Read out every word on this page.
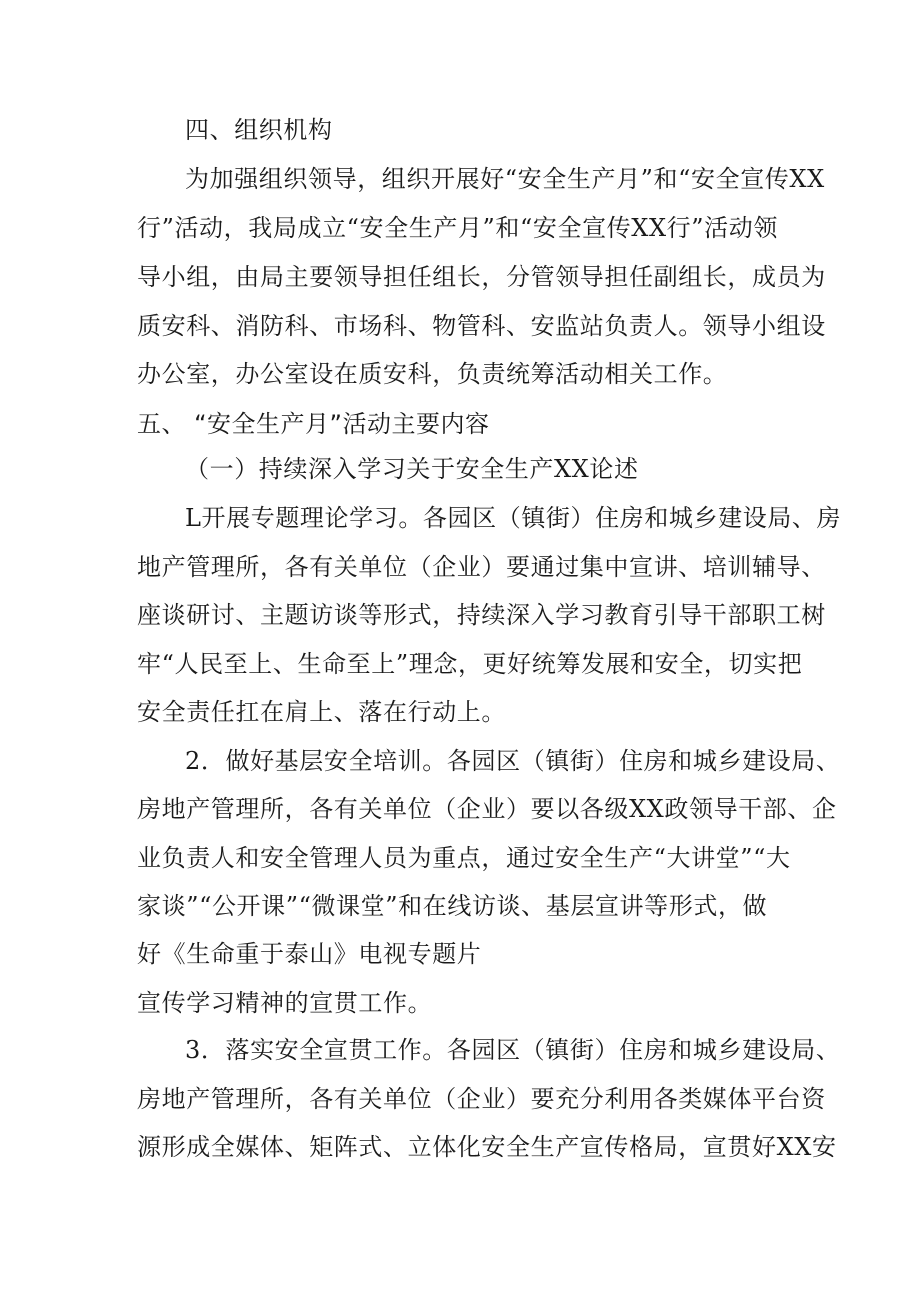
四、组织机构
为加强组织领导，组织开展好“安全生产月”和“安全宣传XX
行”活动，我局成立“安全生产月”和“安全宣传XX行”活动领
导小组，由局主要领导担任组长，分管领导担任副组长，成员为
质安科、消防科、市场科、物管科、安监站负责人。领导小组设
办公室，办公室设在质安科，负责统筹活动相关工作。
五、 “安全生产月”活动主要内容
（一）持续深入学习关于安全生产XX论述
L开展专题理论学习。各园区（镇街）住房和城乡建设局、房
地产管理所，各有关单位（企业）要通过集中宣讲、培训辅导、
座谈研讨、主题访谈等形式，持续深入学习教育引导干部职工树
牢“人民至上、生命至上”理念，更好统筹发展和安全，切实把
安全责任扛在肩上、落在行动上。
2．做好基层安全培训。各园区（镇街）住房和城乡建设局、
房地产管理所，各有关单位（企业）要以各级XX政领导干部、企
业负责人和安全管理人员为重点，通过安全生产“大讲堂”“大
家谈”“公开课”“微课堂”和在线访谈、基层宣讲等形式，做
好《生命重于泰山》电视专题片
宣传学习精神的宣贯工作。
3．落实安全宣贯工作。各园区（镇街）住房和城乡建设局、
房地产管理所，各有关单位（企业）要充分利用各类媒体平台资
源形成全媒体、矩阵式、立体化安全生产宣传格局，宣贯好XX安
